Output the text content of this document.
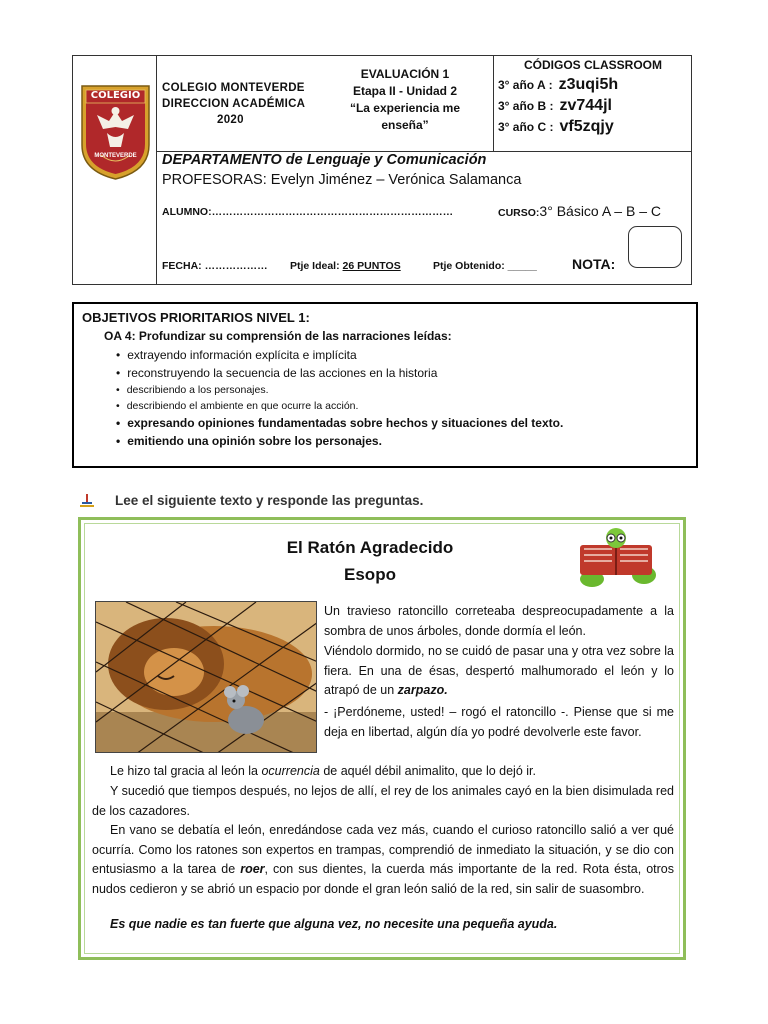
COLEGIO
MONTEVERDE
COLEGIO MONTEVERDE
DIRECCION ACADÉMICA
2020
EVALUACIÓN 1
Etapa II - Unidad 2
“La experiencia me
enseña”
CÓDIGOS CLASSROOM
3° año A : z3uqi5h
3° año B : zv744jl
3° año C : vf5zqjy
DEPARTAMENTO de Lenguaje y Comunicación
PROFESORAS: Evelyn Jiménez – Verónica Salamanca
ALUMNO:……………………………………………………………	CURSO:3° Básico A – B – C
FECHA: ……………… Ptje Ideal: 26 PUNTOS	Ptje Obtenido: _____	NOTA:
OBJETIVOS PRIORITARIOS NIVEL 1:
OA 4: Profundizar su comprensión de las narraciones leídas:
• extrayendo información explícita e implícita
• reconstruyendo la secuencia de las acciones en la historia
• describiendo a los personajes.
• describiendo el ambiente en que ocurre la acción.
• expresando opiniones fundamentadas sobre hechos y situaciones del texto.
• emitiendo una opinión sobre los personajes.
Lee el siguiente texto y responde las preguntas.
El Ratón Agradecido
Esopo
Un travieso ratoncillo correteaba despreocupadamente a la sombra de unos árboles, donde dormía el león.
Viéndolo dormido, no se cuidó de pasar una y otra vez sobre la fiera. En una de ésas, despertó malhumorado el león y lo atrapó de un zarpazo.
- ¡Perdóneme, usted! – rogó el ratoncillo -. Piense que si me deja en libertad, algún día yo podré devolverle este favor.
Le hizo tal gracia al león la ocurrencia de aquél débil animalito, que lo dejó ir.
Y sucedió que tiempos después, no lejos de allí, el rey de los animales cayó en la bien disimulada red de los cazadores.
En vano se debatía el león, enredándose cada vez más, cuando el curioso ratoncillo salió a ver qué ocurría. Como los ratones son expertos en trampas, comprendió de inmediato la situación, y se dio con entusiasmo a la tarea de roer, con sus dientes, la cuerda más importante de la red. Rota ésta, otros nudos cedieron y se abrió un espacio por donde el gran león salió de la red, sin salir de suasombro.
Es que nadie es tan fuerte que alguna vez, no necesite una pequeña ayuda.
